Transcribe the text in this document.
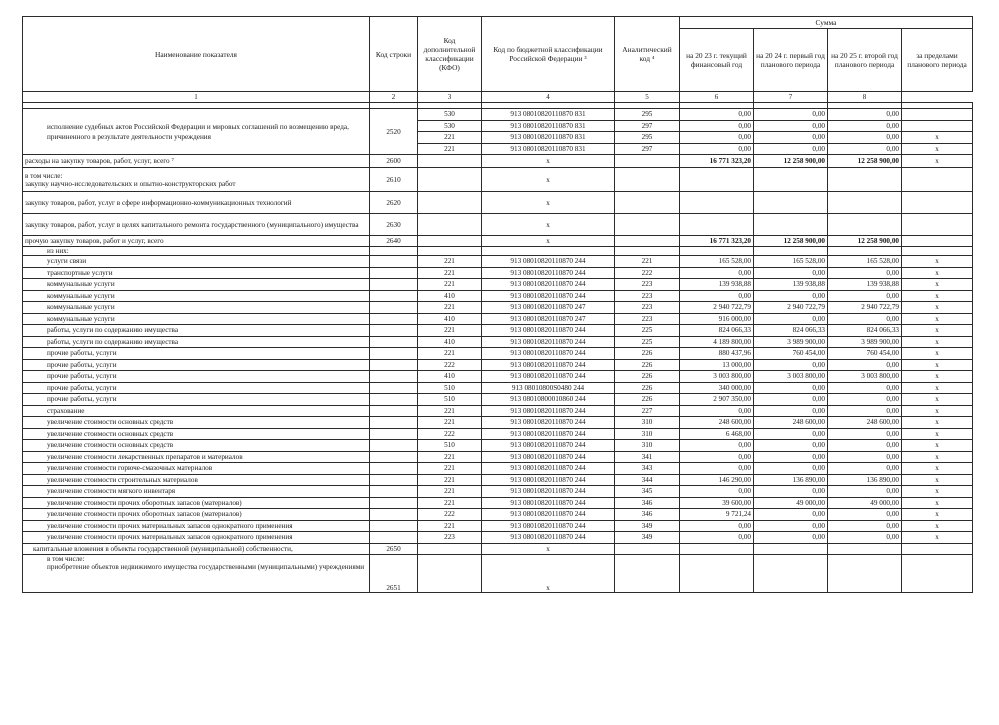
Наименование показателя	Код строки	Код дополнительной классификации (КФО)	Код по бюджетной классификации Российской Федерации ³	Аналитический код ⁴	Сумма			
					на 20 23 г. текущий финансовый год	на 20 24 г. первый год планового периода	на 20 25 г. второй год планового периода	за пределами планового периода
1	2	3	4	5	6	7	8	

исполнение судебных актов Российской Федерации и мировых соглашений по возмещению вреда, причиненного в результате деятельности учреждения	2520	530	913 08010820110870 831	295	0,00	0,00	0,00	
		530	913 08010820110870 831	297	0,00	0,00	0,00	
		221	913 08010820110870 831	295	0,00	0,00	0,00	x
		221	913 08010820110870 831	297	0,00	0,00	0,00	x
расходы на закупку товаров, работ, услуг, всего ⁷	2600		x		16 771 323,20	12 258 900,00	12 258 900,00	x

в том числе:
закупку научно-исследовательских и опытно-конструкторских работ	2610		x					
закупку товаров, работ, услуг в сфере информационно-коммуникационных технологий	2620		x					
закупку товаров, работ, услуг в целях капитального ремонта государственного (муниципального) имущества	2630		x					
прочую закупку товаров, работ и услуг, всего	2640		x		16 771 323,20	12 258 900,00	12 258 900,00	
из них:								
услуги связи		221	913 08010820110870 244	221	165 528,00	165 528,00	165 528,00	x
транспортные услуги		221	913 08010820110870 244	222	0,00	0,00	0,00	x
коммунальные услуги		221	913 08010820110870 244	223	139 938,88	139 938,88	139 938,88	x
коммунальные услуги		410	913 08010820110870 244	223	0,00	0,00	0,00	x
коммунальные услуги		221	913 08010820110870 247	223	2 940 722,79	2 940 722,79	2 940 722,79	x
коммунальные услуги		410	913 08010820110870 247	223	916 000,00	0,00	0,00	x
работы, услуги по содержанию имущества		221	913 08010820110870 244	225	824 066,33	824 066,33	824 066,33	x
работы, услуги по содержанию имущества		410	913 08010820110870 244	225	4 189 800,00	3 989 900,00	3 989 900,00	x
прочие работы, услуги		221	913 08010820110870 244	226	880 437,96	760 454,00	760 454,00	x
прочие работы, услуги		222	913 08010820110870 244	226	13 000,00	0,00	0,00	x
прочие работы, услуги		410	913 08010820110870 244	226	3 003 800,00	3 003 800,00	3 003 800,00	x
прочие работы, услуги		510	913 08010800S0480 244	226	340 000,00	0,00	0,00	x
прочие работы, услуги		510	913 08010800010860 244	226	2 907 350,00	0,00	0,00	x
страхование		221	913 08010820110870 244	227	0,00	0,00	0,00	x
увеличение стоимости основных средств		221	913 08010820110870 244	310	248 600,00	248 600,00	248 600,00	x
увеличение стоимости основных средств		222	913 08010820110870 244	310	6 468,00	0,00	0,00	x
увеличение стоимости основных средств		510	913 08010820110870 244	310	0,00	0,00	0,00	x
увеличение стоимости лекарственных препаратов и материалов		221	913 08010820110870 244	341	0,00	0,00	0,00	x
увеличение стоимости горюче-смазочных материалов		221	913 08010820110870 244	343	0,00	0,00	0,00	x
увеличение стоимости строительных материалов		221	913 08010820110870 244	344	146 290,00	136 890,00	136 890,00	x
увеличение стоимости мягкого инвентаря		221	913 08010820110870 244	345	0,00	0,00	0,00	x
увеличение стоимости прочих оборотных запасов (материалов)		221	913 08010820110870 244	346	39 600,00	49 000,00	49 000,00	x
увеличение стоимости прочих оборотных запасов (материалов)		222	913 08010820110870 244	346	9 721,24	0,00	0,00	x
увеличение стоимости прочих материальных запасов однократного применения		221	913 08010820110870 244	349	0,00	0,00	0,00	x
увеличение стоимости прочих материальных запасов однократного применения		223	913 08010820110870 244	349	0,00	0,00	0,00	x
капитальные вложения в объекты государственной (муниципальной) собственности,	2650		x					

в том числе:
приобретение объектов недвижимого имущества государственными (муниципальными) учреждениями	2651		x					
